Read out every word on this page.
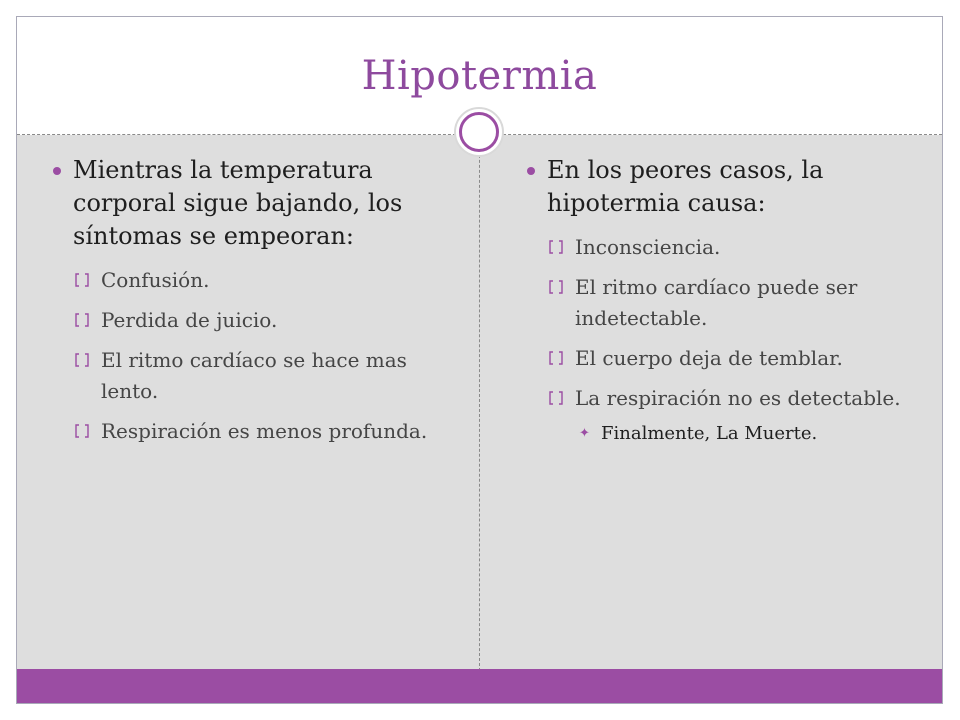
Hipotermia
Mientras la temperatura corporal sigue bajando, los síntomas se empeoran:
Confusión.
Perdida de juicio.
El ritmo cardíaco se hace mas lento.
Respiración es menos profunda.
En los peores casos, la hipotermia causa:
Inconsciencia.
El ritmo cardíaco puede ser indetectable.
El cuerpo deja de temblar.
La respiración no es detectable.
✦ Finalmente, La Muerte.
